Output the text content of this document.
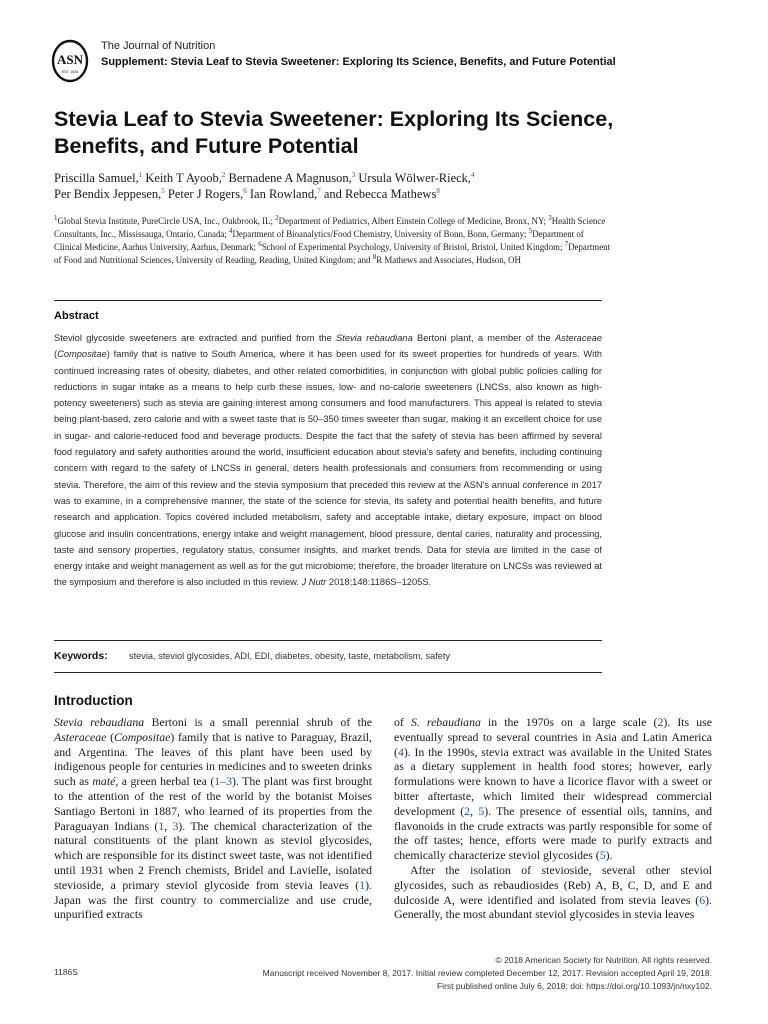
ASN
EST. 1928
The Journal of Nutrition
Supplement: Stevia Leaf to Stevia Sweetener: Exploring Its Science, Benefits, and Future Potential
Stevia Leaf to Stevia Sweetener: Exploring Its Science, Benefits, and Future Potential
Priscilla Samuel,$^1$ Keith T Ayoob,$^2$ Bernadene A Magnuson,$^3$ Ursula Wölwer-Rieck,$^4$
Per Bendix Jeppesen,$^5$ Peter J Rogers,$^6$ Ian Rowland,$^7$ and Rebecca Mathews$^8$
$^1$Global Stevia Institute, PureCircle USA, Inc., Oakbrook, IL; $^2$Department of Pediatrics, Albert Einstein College of Medicine, Bronx, NY; $^3$Health Science Consultants, Inc., Mississauga, Ontario, Canada; $^4$Department of Bioanalytics/Food Chemistry, University of Bonn, Bonn, Germany; $^5$Department of Clinical Medicine, Aarhus University, Aarhus, Denmark; $^6$School of Experimental Psychology, University of Bristol, Bristol, United Kingdom; $^7$Department of Food and Nutritional Sciences, University of Reading, Reading, United Kingdom; and $^8$R Mathews and Associates, Hudson, OH
Abstract
Steviol glycoside sweeteners are extracted and purified from the Stevia rebaudiana Bertoni plant, a member of the Asteraceae (Compositae) family that is native to South America, where it has been used for its sweet properties for hundreds of years. With continued increasing rates of obesity, diabetes, and other related comorbidities, in conjunction with global public policies calling for reductions in sugar intake as a means to help curb these issues, low- and no-calorie sweeteners (LNCSs, also known as high-potency sweeteners) such as stevia are gaining interest among consumers and food manufacturers. This appeal is related to stevia being plant-based, zero calorie and with a sweet taste that is 50–350 times sweeter than sugar, making it an excellent choice for use in sugar- and calorie-reduced food and beverage products. Despite the fact that the safety of stevia has been affirmed by several food regulatory and safety authorities around the world, insufficient education about stevia's safety and benefits, including continuing concern with regard to the safety of LNCSs in general, deters health professionals and consumers from recommending or using stevia. Therefore, the aim of this review and the stevia symposium that preceded this review at the ASN's annual conference in 2017 was to examine, in a comprehensive manner, the state of the science for stevia, its safety and potential health benefits, and future research and application. Topics covered included metabolism, safety and acceptable intake, dietary exposure, impact on blood glucose and insulin concentrations, energy intake and weight management, blood pressure, dental caries, naturality and processing, taste and sensory properties, regulatory status, consumer insights, and market trends. Data for stevia are limited in the case of energy intake and weight management as well as for the gut microbiome; therefore, the broader literature on LNCSs was reviewed at the symposium and therefore is also included in this review. J Nutr 2018;148:1186S–1205S.
Keywords: stevia, steviol glycosides, ADI, EDI, diabetes, obesity, taste, metabolism, safety
Introduction

Stevia rebaudiana Bertoni is a small perennial shrub of the Asteraceae (Compositae) family that is native to Paraguay, Brazil, and Argentina. The leaves of this plant have been used by indigenous people for centuries in medicines and to sweeten drinks such as maté, a green herbal tea (1–3). The plant was first brought to the attention of the rest of the world by the botanist Moises Santiago Bertoni in 1887, who learned of its properties from the Paraguayan Indians (1, 3). The chemical characterization of the natural constituents of the plant known as steviol glycosides, which are responsible for its distinct sweet taste, was not identified until 1931 when 2 French chemists, Bridel and Lavielle, isolated stevioside, a primary steviol glycoside from stevia leaves (1). Japan was the first country to commercialize and use crude, unpurified extracts

of S. rebaudiana in the 1970s on a large scale (2). Its use eventually spread to several countries in Asia and Latin America (4). In the 1990s, stevia extract was available in the United States as a dietary supplement in health food stores; however, early formulations were known to have a licorice flavor with a sweet or bitter aftertaste, which limited their widespread commercial development (2, 5). The presence of essential oils, tannins, and flavonoids in the crude extracts was partly responsible for some of the off tastes; hence, efforts were made to purify extracts and chemically characterize steviol glycosides (5).

After the isolation of stevioside, several other steviol glycosides, such as rebaudiosides (Reb) A, B, C, D, and E and dulcoside A, were identified and isolated from stevia leaves (6). Generally, the most abundant steviol glycosides in stevia leaves

1186S
© 2018 American Society for Nutrition. All rights reserved.
Manuscript received November 8, 2017. Initial review completed December 12, 2017. Revision accepted April 19, 2018.
First published online July 6, 2018; doi: https://doi.org/10.1093/jn/nxy102.
